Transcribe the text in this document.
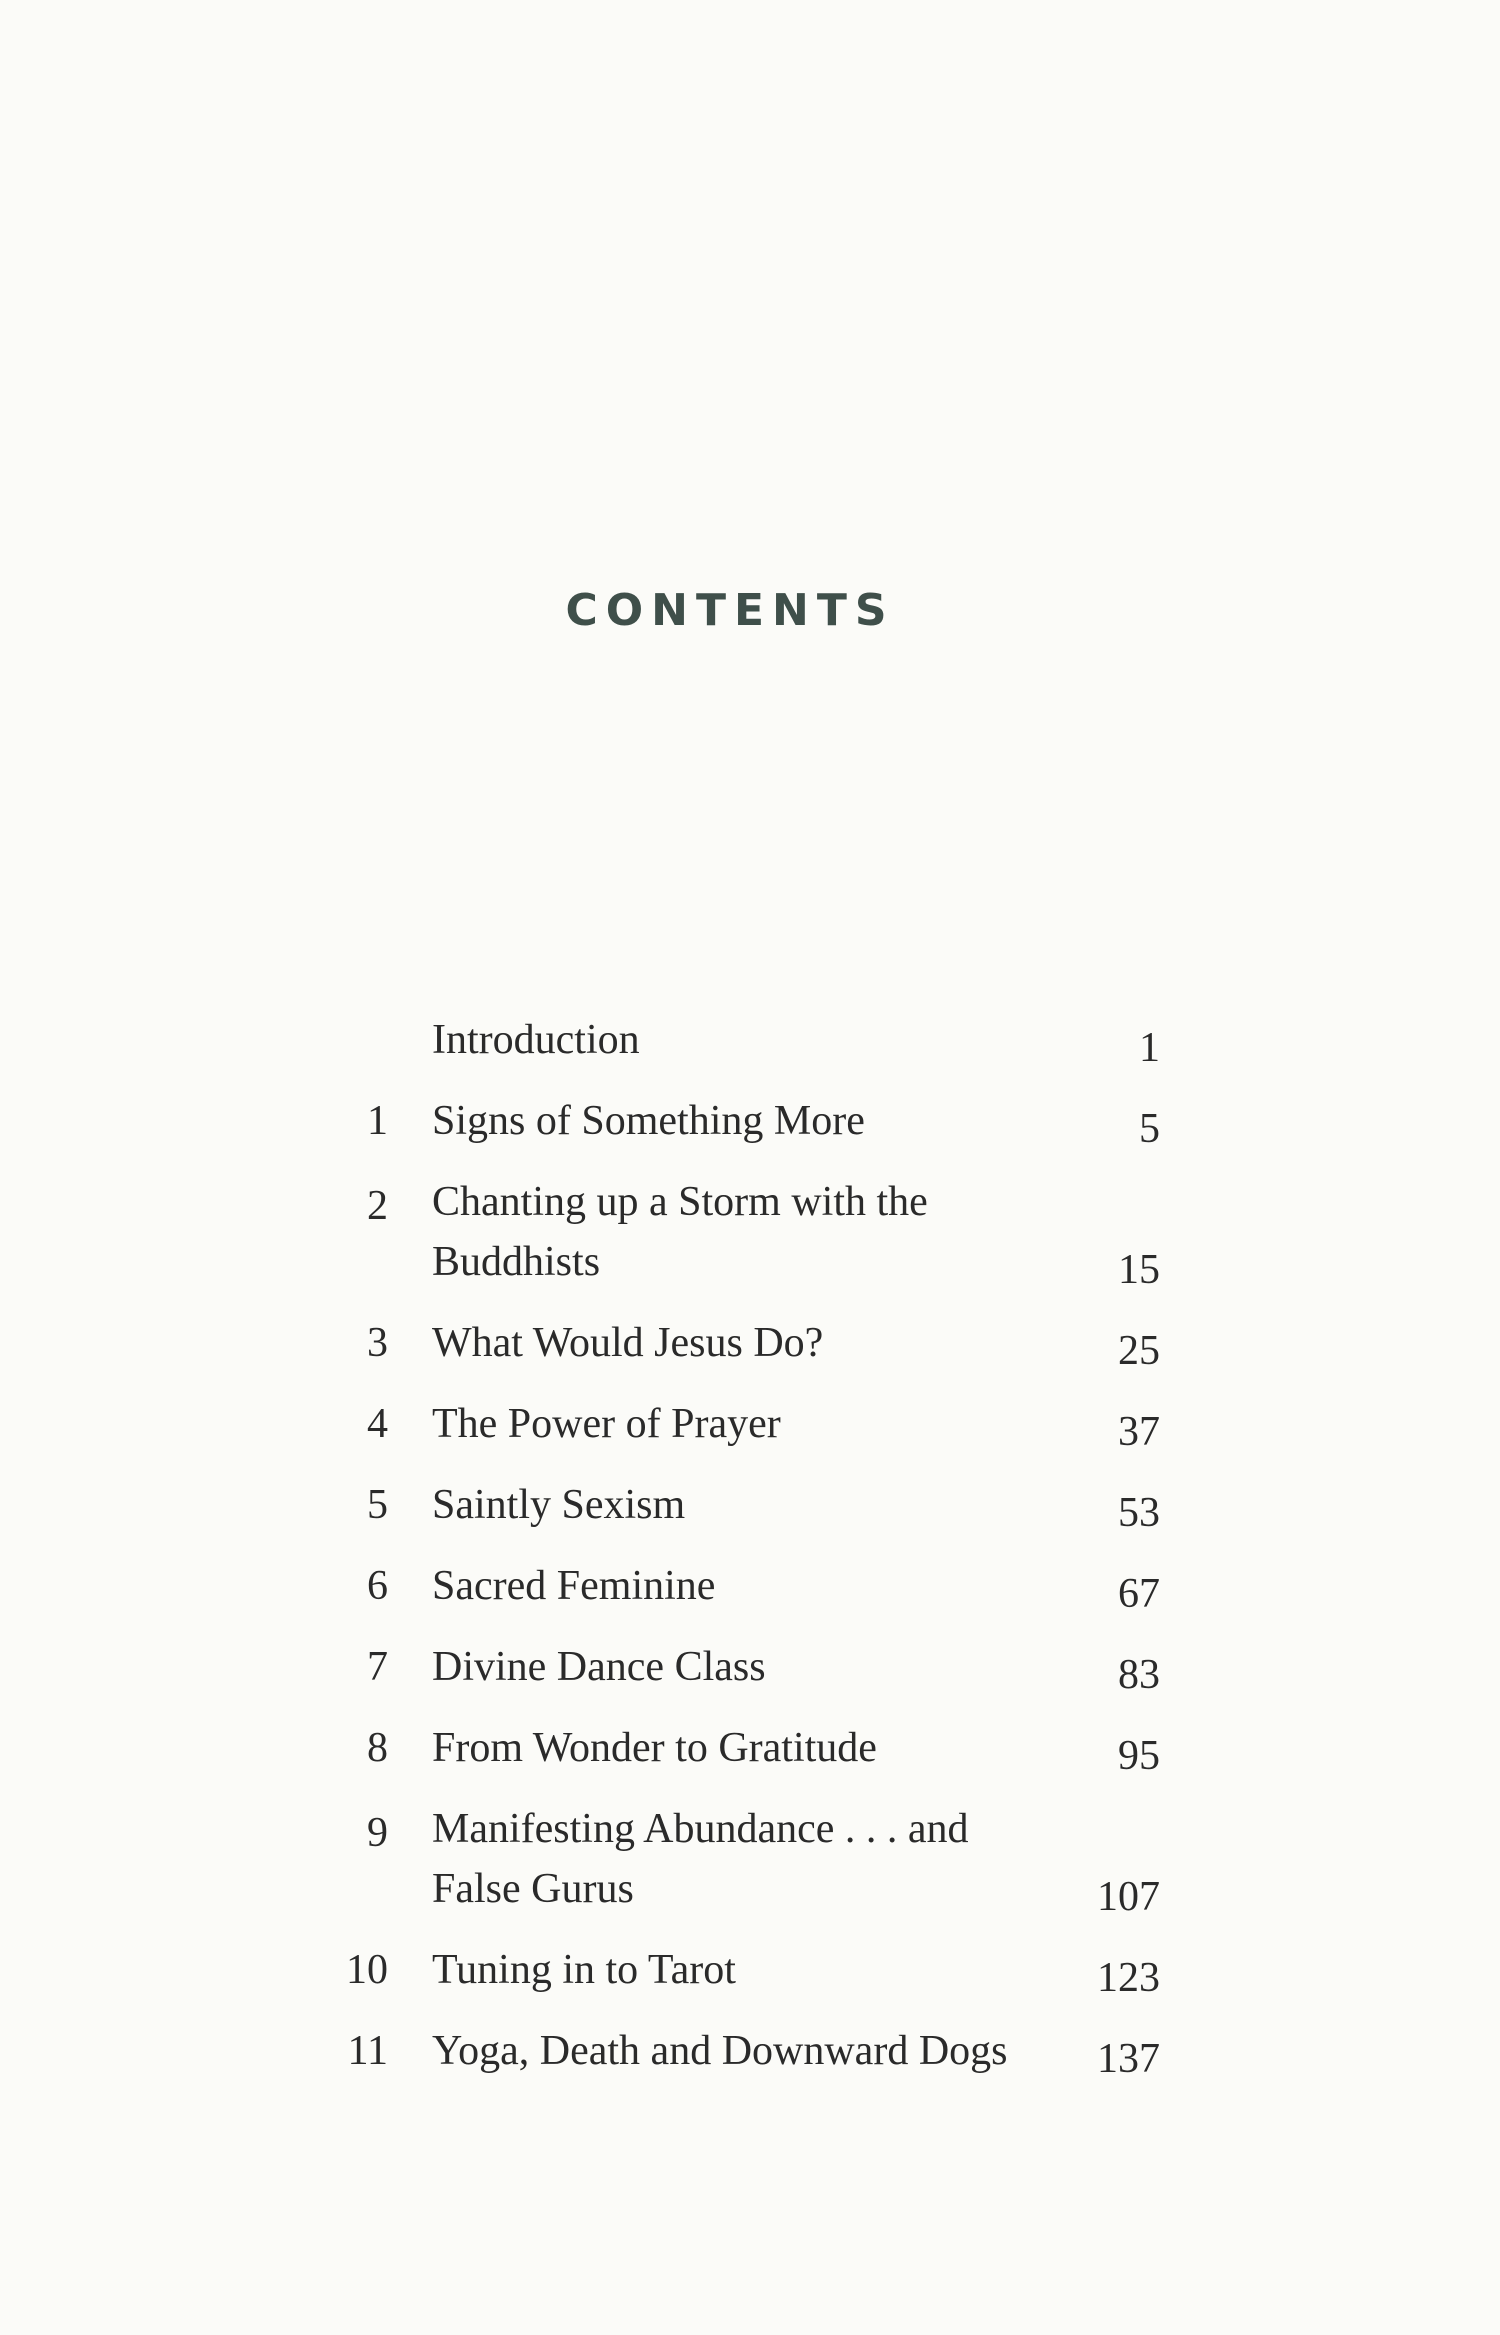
CONTENTS
Introduction	1
1 Signs of Something More	5
2 Chanting up a Storm with the Buddhists	15
3 What Would Jesus Do?	25
4 The Power of Prayer	37
5 Saintly Sexism	53
6 Sacred Feminine	67
7 Divine Dance Class	83
8 From Wonder to Gratitude	95
9 Manifesting Abundance . . . and False Gurus	107
10 Tuning in to Tarot	123
11 Yoga, Death and Downward Dogs	137
